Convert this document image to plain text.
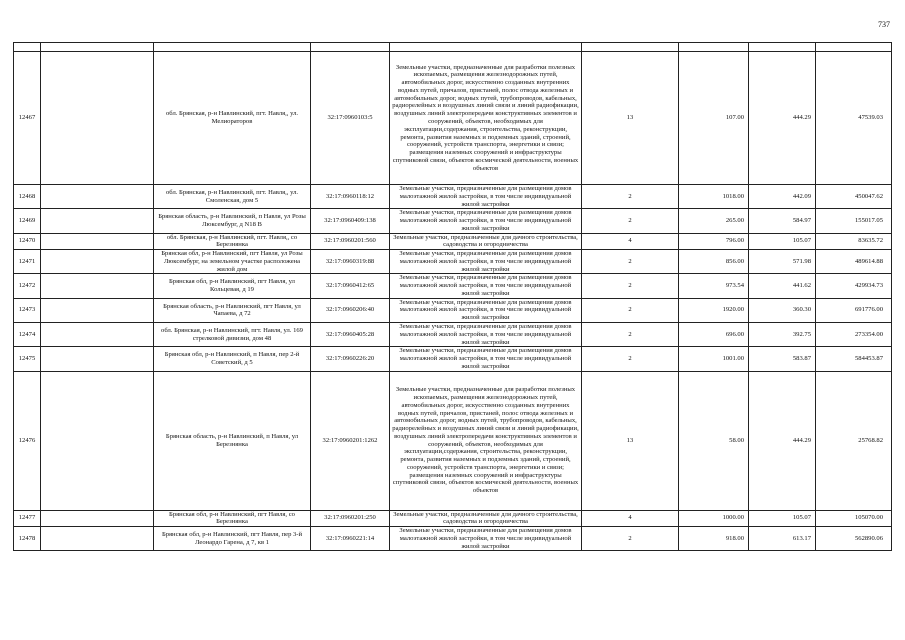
737

12467		обл. Брянская, р-н Навлинский, пгт. Навля,, ул. Мелиораторов	32:17:0960103:5	Земельные участки, предназначенные для разработки полезных ископаемых, размещения железнодорожных путей, автомобильных дорог, искусственно созданных внутренних водных путей, причалов, пристаней, полос отвода железных и автомобильных дорог, водных путей, трубопроводов, кабельных, радиорелейных и воздушных линий связи и линий радиофикации, воздушных линий электропередачи конструктивных элементов и сооружений, объектов, необходимых для эксплуатации,содержания, строительства, реконструкции, ремонта, развития наземных и подземных зданий, строений, сооружений, устройств транспорта, энергетики и связи; размещения наземных сооружений и инфраструктуры спутниковой связи, объектов космической деятельности, военных объектов	13	107.00	444.29	47539.03
12468		обл. Брянская, р-н Навлинский, пгт. Навля,, ул. Смоленская, дом 5	32:17:0960118:12	Земельные участки, предназначенные для размещения домов малоэтажной жилой застройки, в том числе индивидуальной жилой застройки	2	1018.00	442.09	450047.62
12469		Брянская область, р-н Навлинский, п Навля, ул Розы Люксембург, д N18 В	32:17:0960409:138	Земельные участки, предназначенные для размещения домов малоэтажной жилой застройки, в том числе индивидуальной жилой застройки	2	265.00	584.97	155017.05
12470		обл. Брянская, р-н Навлинский, пгт. Навля,, со Березнянка	32:17:0960201:560	Земельные участки, предназначенные для дачного строительства, садоводства и огородничества	4	796.00	105.07	83635.72
12471		Брянская обл, р-н Навлинский, пгт Навля, ул Розы Люксембург, на земельном участке расположена жилой дом	32:17:0960319:88	Земельные участки, предназначенные для размещения домов малоэтажной жилой застройки, в том числе индивидуальной жилой застройки	2	856.00	571.98	489614.88
12472		Брянская обл, р-н Навлинский, пгт Навля, ул Кольцевая, д 19	32:17:0960412:65	Земельные участки, предназначенные для размещения домов малоэтажной жилой застройки, в том числе индивидуальной жилой застройки	2	973.54	441.62	429934.73
12473		Брянская область, р-н Навлинский, пгт Навля, ул Чапаева, д 72	32:17:0960206:40	Земельные участки, предназначенные для размещения домов малоэтажной жилой застройки, в том числе индивидуальной жилой застройки	2	1920.00	360.30	691776.00
12474		обл. Брянская, р-н Навлинский, пгт. Навля, ул. 169 стрелковой дивизии, дом 48	32:17:0960405:28	Земельные участки, предназначенные для размещения домов малоэтажной жилой застройки, в том числе индивидуальной жилой застройки	2	696.00	392.75	273354.00
12475		Брянская обл, р-н Навлинский, п Навля, пер 2-й Советский, д 5	32:17:0960226:20	Земельные участки, предназначенные для размещения домов малоэтажной жилой застройки, в том числе индивидуальной жилой застройки	2	1001.00	583.87	584453.87
12476		Брянская область, р-н Навлинский, п Навля, ул Березнянка	32:17:0960201:1262	Земельные участки, предназначенные для разработки полезных ископаемых, размещения железнодорожных путей, автомобильных дорог, искусственно созданных внутренних водных путей, причалов, пристаней, полос отвода железных и автомобильных дорог, водных путей, трубопроводов, кабельных, радиорелейных и воздушных линий связи и линий радиофикации, воздушных линий электропередачи конструктивных элементов и сооружений, объектов, необходимых для эксплуатации,содержания, строительства, реконструкции, ремонта, развития наземных и подземных зданий, строений, сооружений, устройств транспорта, энергетики и связи; размещения наземных сооружений и инфраструктуры спутниковой связи, объектов космической деятельности, военных объектов	13	58.00	444.29	25768.82
12477		Брянская обл, р-н Навлинский, пгт Навля, со Березнянка	32:17:0960201:250	Земельные участки, предназначенные для дачного строительства, садоводства и огородничества	4	1000.00	105.07	105070.00
12478		Брянская обл, р-н Навлинский, пгт Навля, пер 3-й Леонардо Гарена, д 7, кв 1	32:17:0960221:14	Земельные участки, предназначенные для размещения домов малоэтажной жилой застройки, в том числе индивидуальной жилой застройки	2	918.00	613.17	562890.06
